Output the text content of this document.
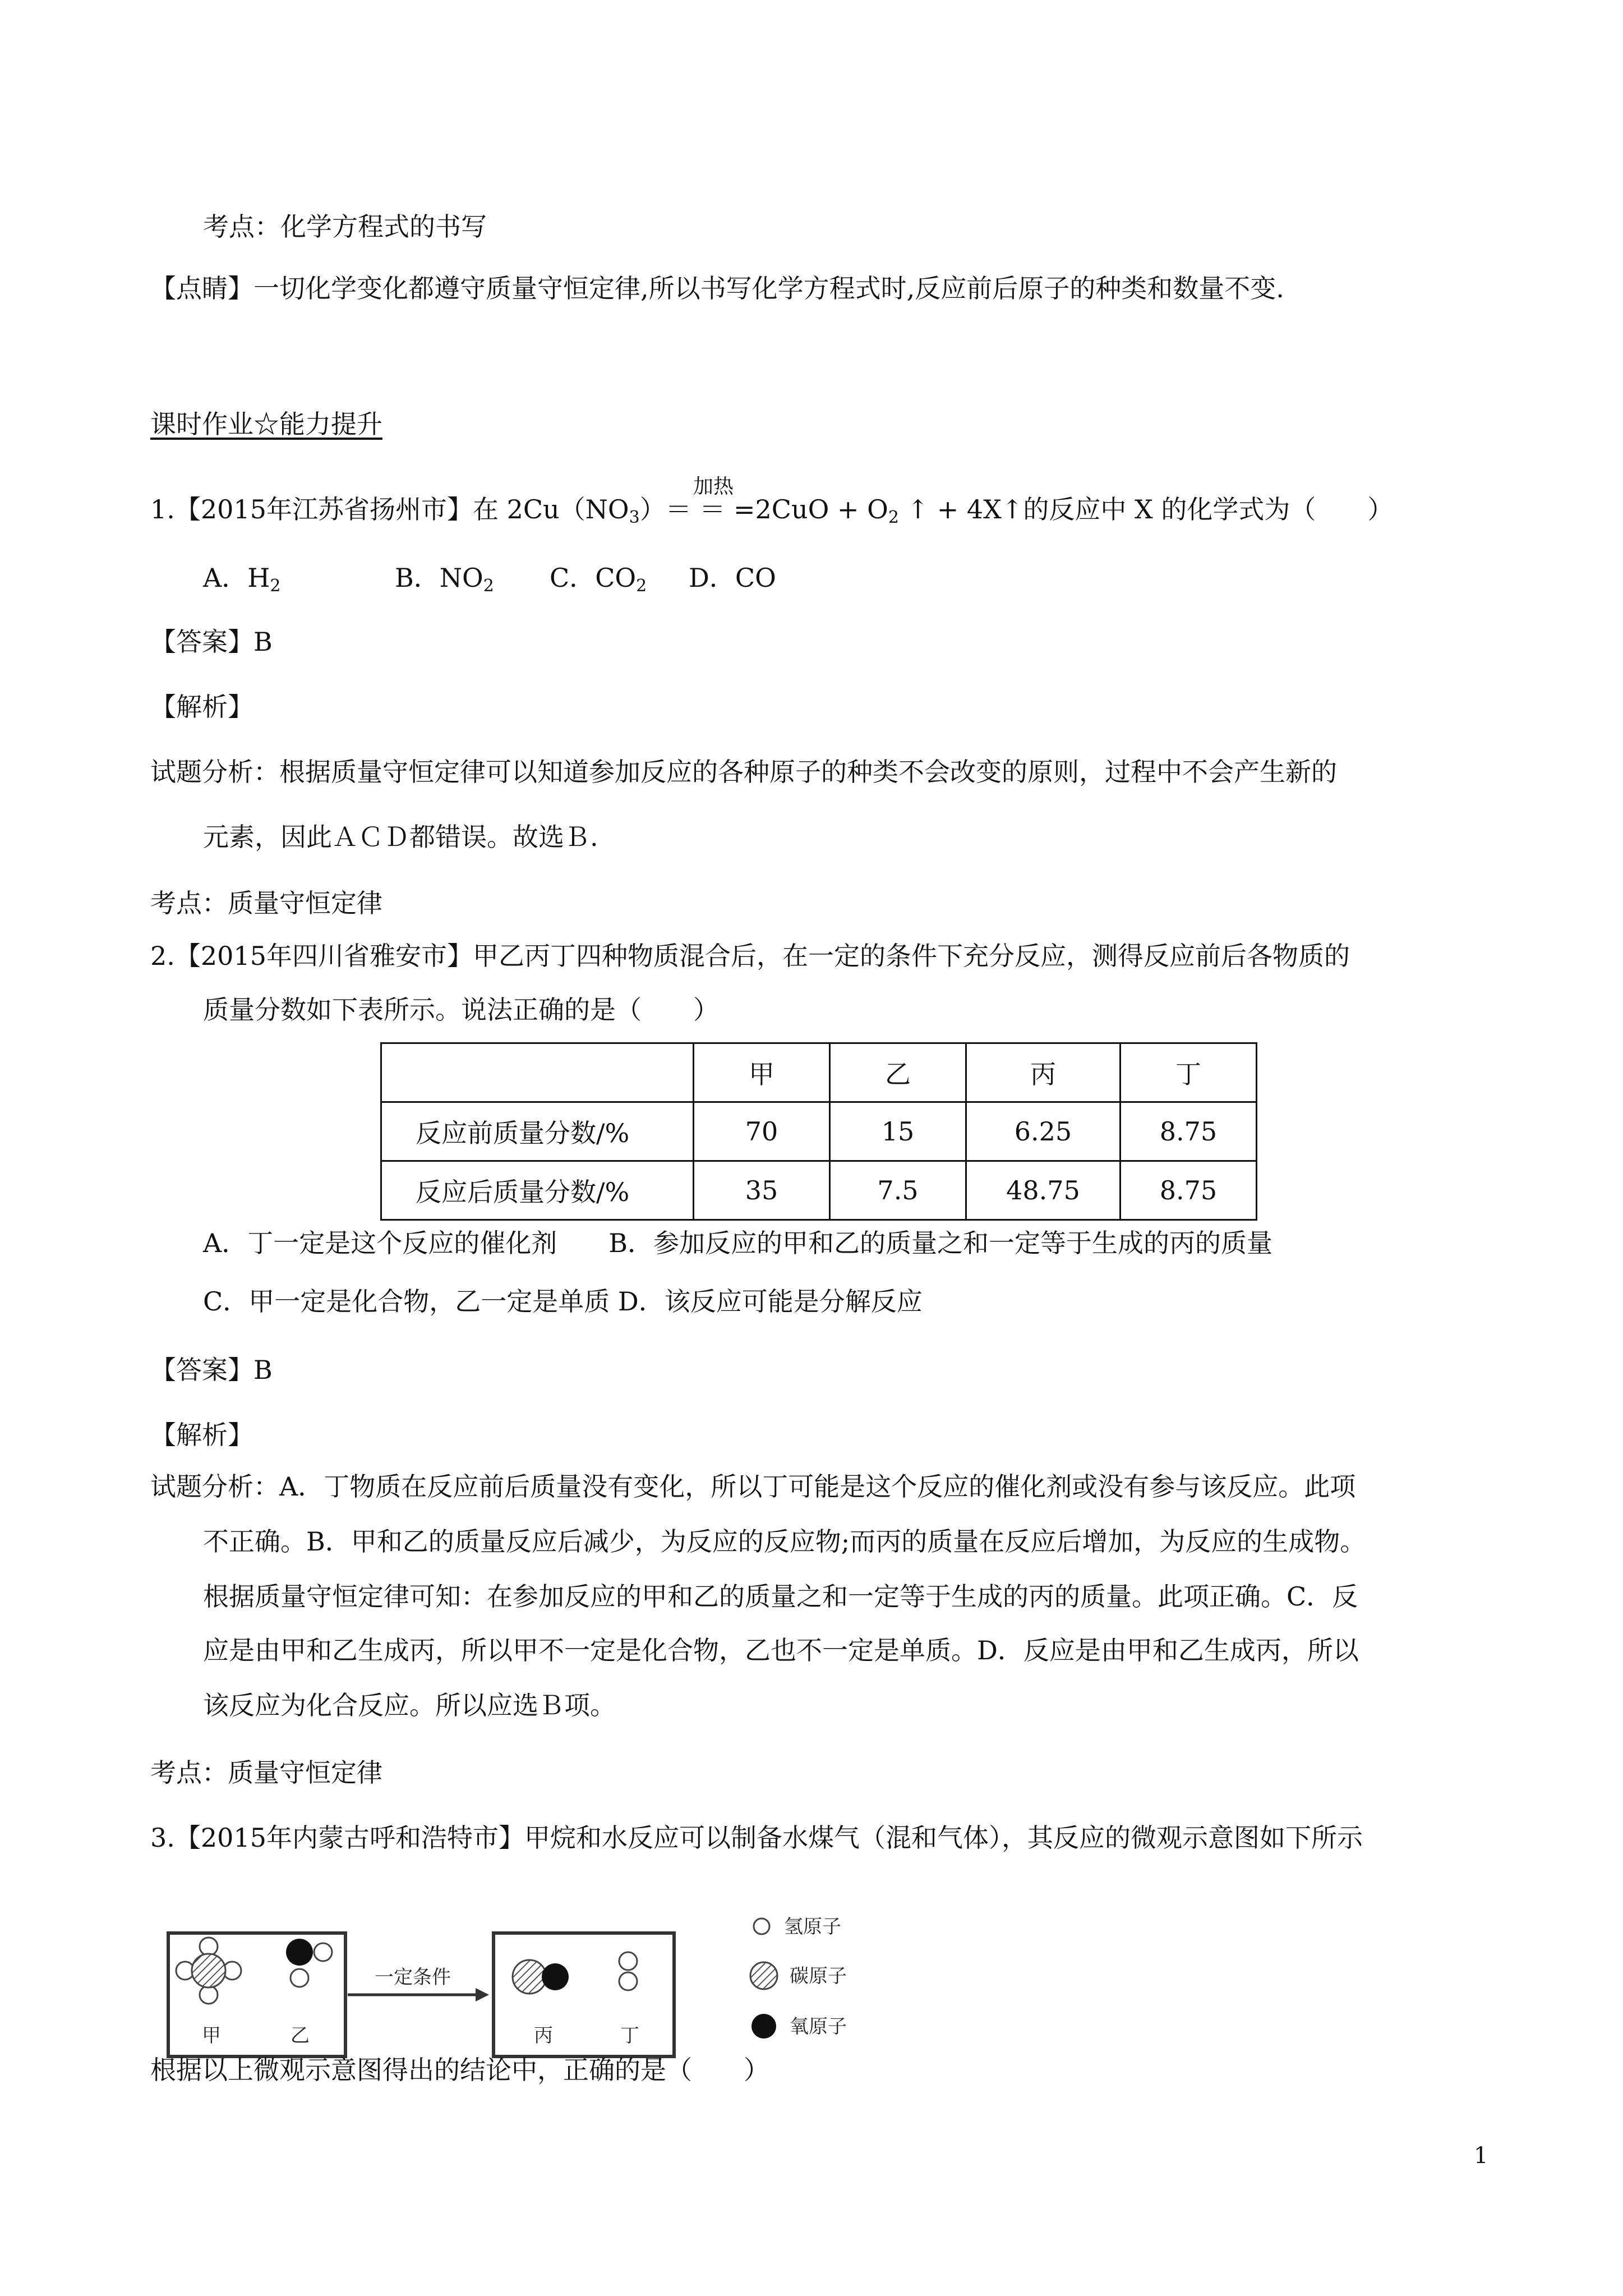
考点：化学方程式的书写
【点睛】一切化学变化都遵守质量守恒定律,所以书写化学方程式时,反应前后原子的种类和数量不变.
课时作业☆能力提升
加热
1.【2015年江苏省扬州市】在 $2Cu(NO_3)= = =2CuO + O_2$ ↑ + 4X↑的反应中 X 的化学式为（　　）
A．$H_2$	B．$NO_2$ C．$CO_2$ D．CO
【答案】B
【解析】
试题分析：根据质量守恒定律可以知道参加反应的各种原子的种类不会改变的原则，过程中不会产生新的
元素，因此ＡＣＤ都错误。故选Ｂ.
考点：质量守恒定律
2.【2015年四川省雅安市】甲乙丙丁四种物质混合后，在一定的条件下充分反应，测得反应前后各物质的
质量分数如下表所示。说法正确的是（　　）
	甲	乙	丙	丁
反应前质量分数/%	70	15	6.25	8.75
反应后质量分数/%	35	7.5	48.75	8.75
A．丁一定是这个反应的催化剂　　B．参加反应的甲和乙的质量之和一定等于生成的丙的质量
C．甲一定是化合物，乙一定是单质 D．该反应可能是分解反应
【答案】B
【解析】
试题分析：A．丁物质在反应前后质量没有变化，所以丁可能是这个反应的催化剂或没有参与该反应。此项
不正确。B．甲和乙的质量反应后减少，为反应的反应物;而丙的质量在反应后增加，为反应的生成物。
根据质量守恒定律可知：在参加反应的甲和乙的质量之和一定等于生成的丙的质量。此项正确。C．反
应是由甲和乙生成丙，所以甲不一定是化合物，乙也不一定是单质。D．反应是由甲和乙生成丙，所以
该反应为化合反应。所以应选Ｂ项。
考点：质量守恒定律
3.【2015年内蒙古呼和浩特市】甲烷和水反应可以制备水煤气（混和气体），其反应的微观示意图如下所示
甲	乙
一定条件
丙	丁
氢原子
碳原子
氧原子
根据以上微观示意图得出的结论中，正确的是（　　）
1
